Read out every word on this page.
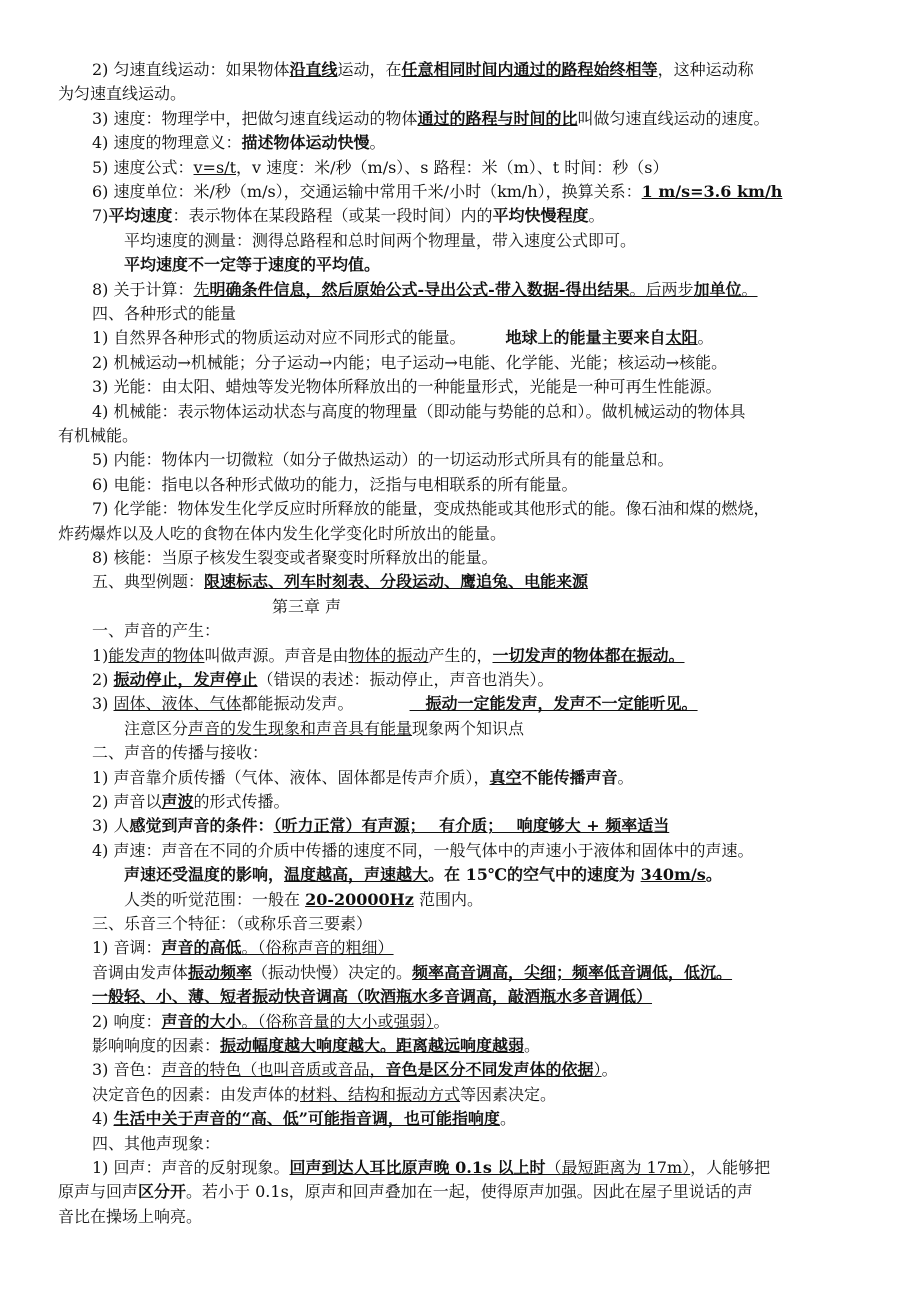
2) 匀速直线运动：如果物体沿直线运动，在任意相同时间内通过的路程始终相等，这种运动称
为匀速直线运动。
3) 速度：物理学中，把做匀速直线运动的物体通过的路程与时间的比叫做匀速直线运动的速度。
4) 速度的物理意义：描述物体运动快慢。
5) 速度公式：v=s/t，v 速度：米/秒（m/s）、s 路程：米（m）、t 时间：秒（s）
6) 速度单位：米/秒（m/s），交通运输中常用千米/小时（km/h），换算关系：1 m/s=3.6 km/h
7)平均速度：表示物体在某段路程（或某一段时间）内的平均快慢程度。
平均速度的测量：测得总路程和总时间两个物理量，带入速度公式即可。
平均速度不一定等于速度的平均值。
8) 关于计算：先明确条件信息，然后原始公式-导出公式-带入数据-得出结果。后两步加单位。
四、各种形式的能量
1) 自然界各种形式的物质运动对应不同形式的能量。　　　地球上的能量主要来自太阳。
2) 机械运动→机械能；分子运动→内能；电子运动→电能、化学能、光能；核运动→核能。
3) 光能：由太阳、蜡烛等发光物体所释放出的一种能量形式，光能是一种可再生性能源。
4) 机械能：表示物体运动状态与高度的物理量（即动能与势能的总和）。做机械运动的物体具
有机械能。
5) 内能：物体内一切微粒（如分子做热运动）的一切运动形式所具有的能量总和。
6) 电能：指电以各种形式做功的能力，泛指与电相联系的所有能量。
7) 化学能：物体发生化学反应时所释放的能量，变成热能或其他形式的能。像石油和煤的燃烧，
炸药爆炸以及人吃的食物在体内发生化学变化时所放出的能量。
8) 核能：当原子核发生裂变或者聚变时所释放出的能量。
五、典型例题：限速标志、列车时刻表、分段运动、鹰追兔、电能来源
第三章 声
一、声音的产生：
1)能发声的物体叫做声源。声音是由物体的振动产生的，一切发声的物体都在振动。
2) 振动停止，发声停止（错误的表述：振动停止，声音也消失）。
3) 固体、液体、气体都能振动发声。　　　　　振动一定能发声，发声不一定能听见。
注意区分声音的发生现象和声音具有能量现象两个知识点
二、声音的传播与接收：
1) 声音靠介质传播（气体、液体、固体都是传声介质），真空不能传播声音。
2) 声音以声波的形式传播。
3) 人感觉到声音的条件：（听力正常）有声源；　 有介质；　 响度够大 + 频率适当
4) 声速：声音在不同的介质中传播的速度不同，一般气体中的声速小于液体和固体中的声速。
声速还受温度的影响，温度越高，声速越大。在 15℃的空气中的速度为 340m/s。
人类的听觉范围：一般在 20-20000Hz 范围内。
三、乐音三个特征：（或称乐音三要素）
1) 音调：声音的高低。（俗称声音的粗细）
音调由发声体振动频率（振动快慢）决定的。频率高音调高，尖细；频率低音调低，低沉。
一般轻、小、薄、短者振动快音调高（吹酒瓶水多音调高，敲酒瓶水多音调低）
2) 响度：声音的大小。（俗称音量的大小或强弱）。
影响响度的因素：振动幅度越大响度越大。距离越远响度越弱。
3) 音色：声音的特色（也叫音质或音品，音色是区分不同发声体的依据）。
决定音色的因素：由发声体的材料、结构和振动方式等因素决定。
4) 生活中关于声音的“高、低”可能指音调，也可能指响度。
四、其他声现象：
1) 回声：声音的反射现象。回声到达人耳比原声晚 0.1s 以上时（最短距离为 17m），人能够把
原声与回声区分开。若小于 0.1s，原声和回声叠加在一起，使得原声加强。因此在屋子里说话的声
音比在操场上响亮。
